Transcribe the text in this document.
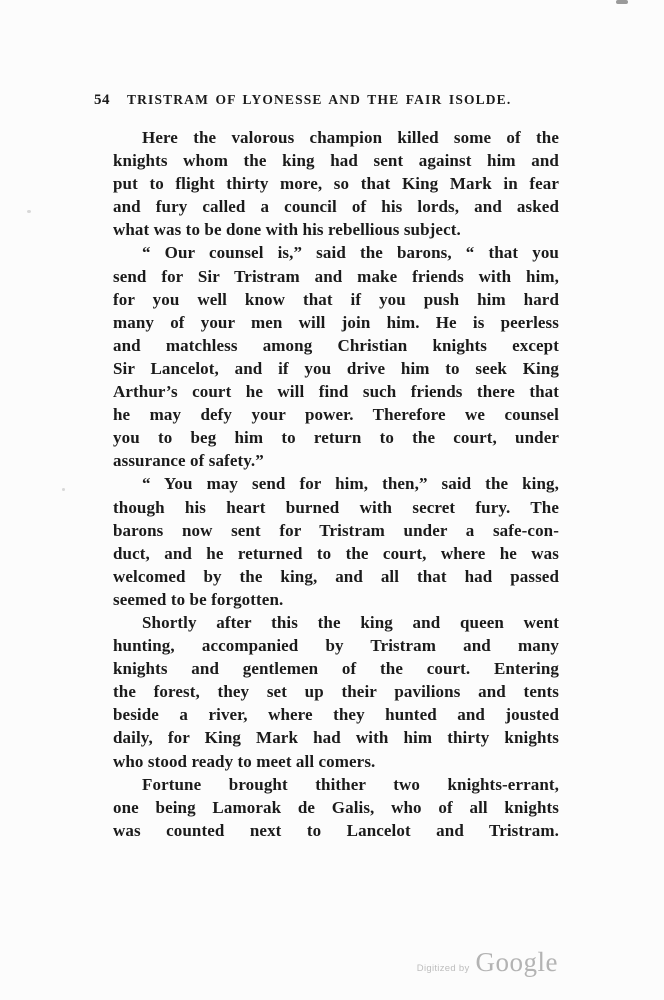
54 TRISTRAM OF LYONESSE AND THE FAIR ISOLDE.
Here the valorous champion killed some of the
knights whom the king had sent against him and
put to flight thirty more, so that King Mark in fear
and fury called a council of his lords, and asked
what was to be done with his rebellious subject.
“ Our counsel is,” said the barons, “ that you
send for Sir Tristram and make friends with him,
for you well know that if you push him hard
many of your men will join him. He is peerless
and matchless among Christian knights except
Sir Lancelot, and if you drive him to seek King
Arthur’s court he will find such friends there that
he may defy your power. Therefore we counsel
you to beg him to return to the court, under
assurance of safety.”
“ You may send for him, then,” said the king,
though his heart burned with secret fury. The
barons now sent for Tristram under a safe-con-
duct, and he returned to the court, where he was
welcomed by the king, and all that had passed
seemed to be forgotten.
Shortly after this the king and queen went
hunting, accompanied by Tristram and many
knights and gentlemen of the court. Entering
the forest, they set up their pavilions and tents
beside a river, where they hunted and jousted
daily, for King Mark had with him thirty knights
who stood ready to meet all comers.
Fortune brought thither two knights-errant,
one being Lamorak de Galis, who of all knights
was counted next to Lancelot and Tristram.
Digitized by Google
